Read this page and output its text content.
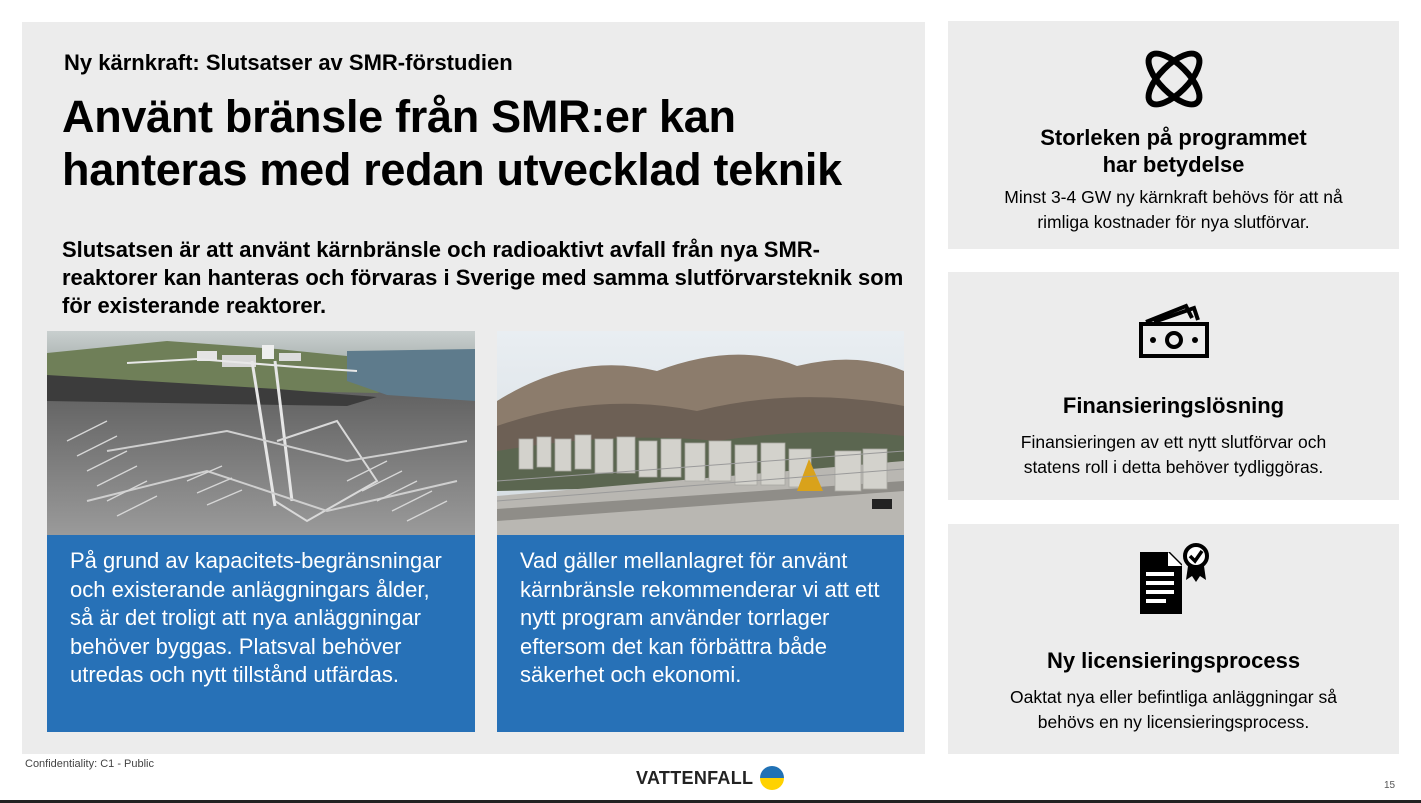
Ny kärnkraft: Slutsatser av SMR-förstudien

Använt bränsle från SMR:er kan
hanteras med redan utvecklad teknik

Slutsatsen är att använt kärnbränsle och radioaktivt avfall från nya SMR-reaktorer kan hanteras och förvaras i Sverige med samma slutförvarsteknik som för existerande reaktorer.

På grund av kapacitets-begränsningar och existerande anläggningars ålder, så är det troligt att nya anläggningar behöver byggas. Platsval behöver utredas och nytt tillstånd utfärdas.
Vad gäller mellanlagret för använt kärnbränsle rekommenderar vi att ett nytt program använder torrlager eftersom det kan förbättra både säkerhet och ekonomi.
Storleken på programmet
har betydelse

Minst 3-4 GW ny kärnkraft behövs för att nå
rimliga kostnader för nya slutförvar.

Finansieringslösning

Finansieringen av ett nytt slutförvar och
statens roll i detta behöver tydliggöras.

Ny licensieringsprocess

Oaktat nya eller befintliga anläggningar så
behövs en ny licensieringsprocess.

Confidentiality: C1 - Public
VATTENFALL	15
